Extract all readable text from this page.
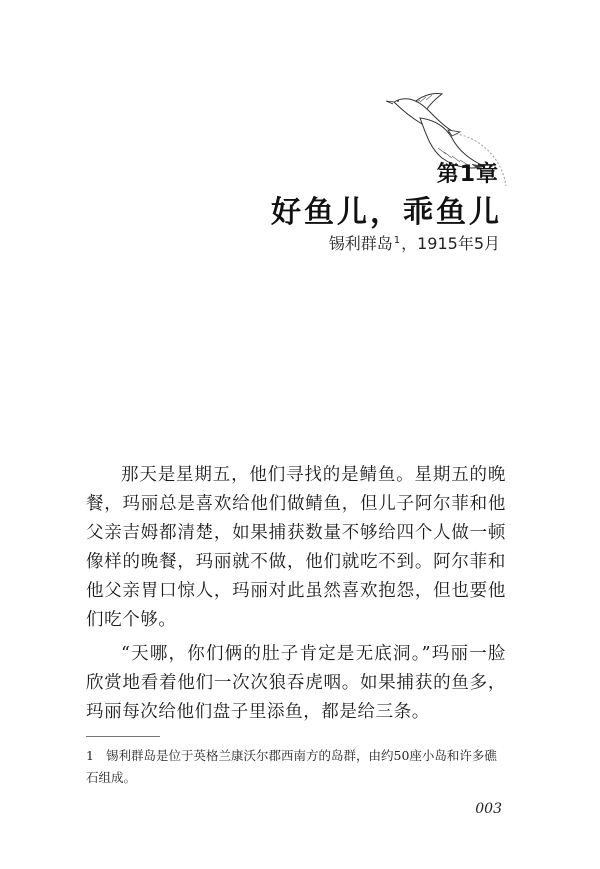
第1章
好鱼儿，乖鱼儿
锡利群岛$^1$，1915年5月

那天是星期五，他们寻找的是鲭鱼。星期五的晚餐，玛丽总是喜欢给他们做鲭鱼，但儿子阿尔菲和他父亲吉姆都清楚，如果捕获数量不够给四个人做一顿像样的晚餐，玛丽就不做，他们就吃不到。阿尔菲和他父亲胃口惊人，玛丽对此虽然喜欢抱怨，但也要他们吃个够。

“天哪，你们俩的肚子肯定是无底洞。”玛丽一脸欣赏地看着他们一次次狼吞虎咽。如果捕获的鱼多，玛丽每次给他们盘子里添鱼，都是给三条。

1 锡利群岛是位于英格兰康沃尔郡西南方的岛群，由约50座小岛和许多礁石组成。
003
